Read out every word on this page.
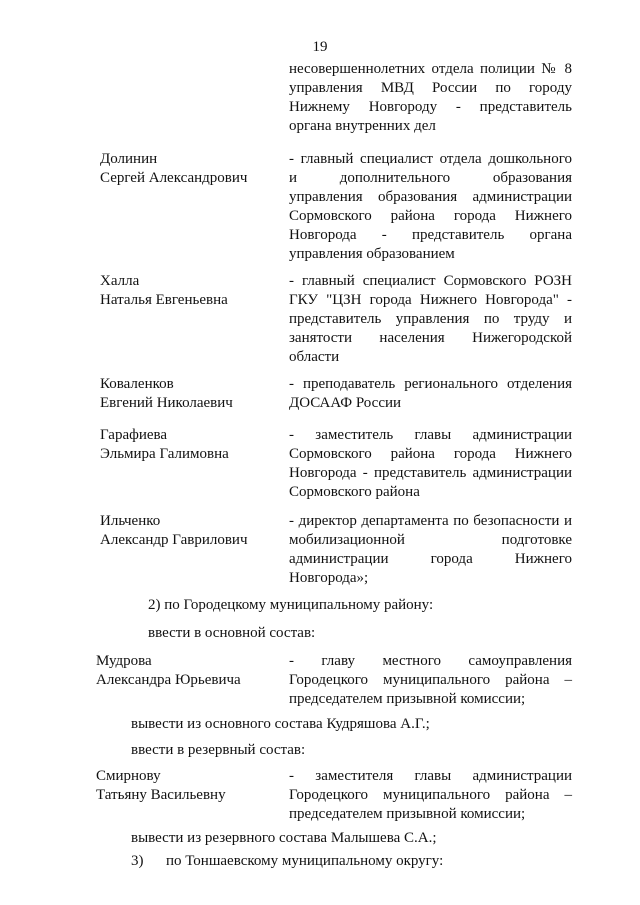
19
несовершеннолетних отдела полиции № 8
управления МВД России по городу
Нижнему Новгороду - представитель
органа внутренних дел
Долинин
Сергей Александрович
- главный специалист отдела дошкольного
и дополнительного образования
управления образования администрации
Сормовского района города Нижнего
Новгорода - представитель органа
управления образованием
Халла
Наталья Евгеньевна
- главный специалист Сормовского РОЗН
ГКУ "ЦЗН города Нижнего Новгорода" -
представитель управления по труду и
занятости населения Нижегородской
области
Коваленков
Евгений Николаевич
- преподаватель регионального отделения
ДОСААФ России
Гарафиева
Эльмира Галимовна
- заместитель главы администрации
Сормовского района города Нижнего
Новгорода - представитель администрации
Сормовского района
Ильченко
Александр Гаврилович
- директор департамента по безопасности и
мобилизационной подготовке
администрации города Нижнего
Новгорода»;
2) по Городецкому муниципальному району:
ввести в основной состав:
Мудрова
Александра Юрьевича
- главу местного самоуправления
Городецкого муниципального района –
председателем призывной комиссии;
вывести из основного состава Кудряшова А.Г.;
ввести в резервный состав:
Смирнову
Татьяну Васильевну
- заместителя главы администрации
Городецкого муниципального района –
председателем призывной комиссии;
вывести из резервного состава Малышева С.А.;
3) по Тоншаевскому муниципальному округу:
